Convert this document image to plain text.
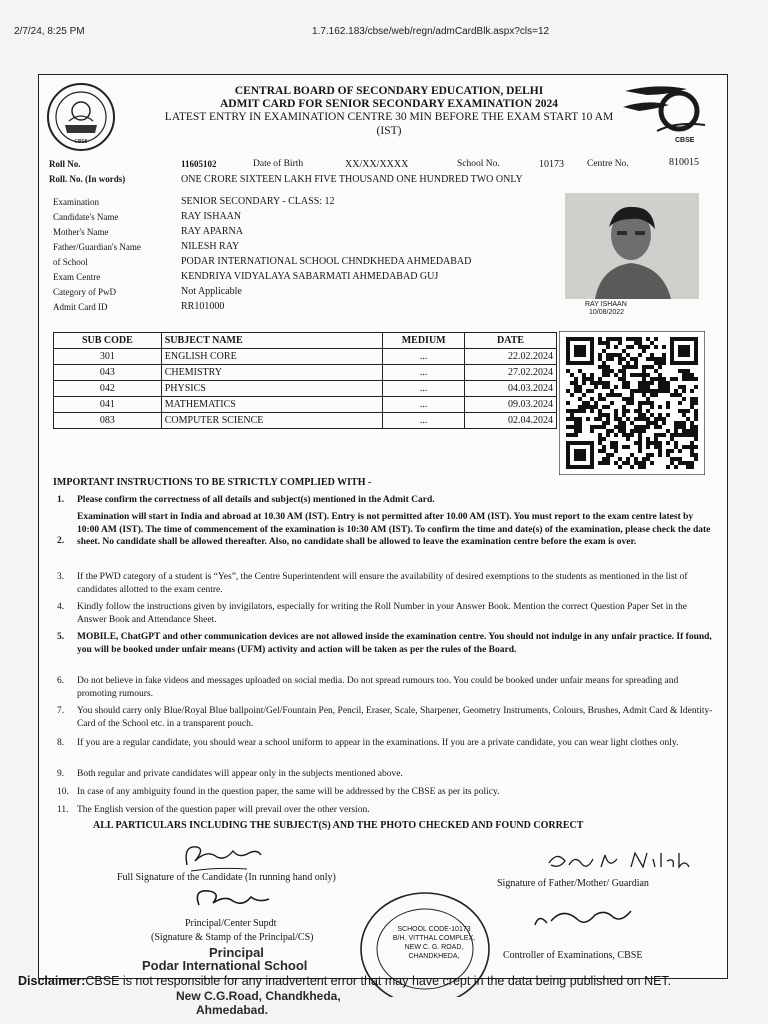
2/7/24, 8:25 PM	1.7.162.183/cbse/web/regn/admCardBlk.aspx?cls=12
CBSE
CENTRAL BOARD OF SECONDARY EDUCATION, DELHI
ADMIT CARD FOR SENIOR SECONDARY EXAMINATION 2024
LATEST ENTRY IN EXAMINATION CENTRE 30 MIN BEFORE THE EXAM START 10 AM
(IST)
CBSE
Roll No.	11605102	Date of Birth	XX/XX/XXXX	School No.	10173 Centre No.	810015
Roll. No. (In words)	ONE CRORE SIXTEEN LAKH FIVE THOUSAND ONE HUNDRED TWO ONLY
Examination	SENIOR SECONDARY - CLASS: 12
Candidate's Name	RAY ISHAAN
Mother's Name	RAY APARNA
Father/Guardian's Name	NILESH RAY
of School	PODAR INTERNATIONAL SCHOOL CHNDKHEDA AHMEDABAD
Exam Centre	KENDRIYA VIDYALAYA SABARMATI AHMEDABAD GUJ
Category of PwD	Not Applicable
Admit Card ID	RR101000	RAY ISHAAN
10/08/2022
SUB CODE	SUBJECT NAME	MEDIUM	DATE
301	ENGLISH CORE	...	22.02.2024
043	CHEMISTRY	...	27.02.2024
042	PHYSICS	...	04.03.2024
041	MATHEMATICS	...	09.03.2024
083	COMPUTER SCIENCE	...	02.04.2024
IMPORTANT INSTRUCTIONS TO BE STRICTLY COMPLIED WITH -
1. Please confirm the correctness of all details and subject(s) mentioned in the Admit Card.
2.
Examination will start in India and abroad at 10.30 AM (IST). Entry is not permitted after 10.00 AM (IST). You must report to the exam centre latest by 10:00 AM (IST). The time of commencement of the examination is 10:30 AM (IST). To confirm the time and date(s) of the examination, please check the date sheet. No candidate shall be allowed thereafter. Also, no candidate shall be allowed to leave the examination centre before the exam is over.
3. If the PWD category of a student is “Yes”, the Centre Superintendent will ensure the availability of desired exemptions to the students as mentioned in the list of candidates allotted to the exam centre.
4. Kindly follow the instructions given by invigilators, especially for writing the Roll Number in your Answer Book. Mention the correct Question Paper Set in the Answer Book and Attendance Sheet.
5. MOBILE, ChatGPT and other communication devices are not allowed inside the examination centre. You should not indulge in any unfair practice. If found, you will be booked under unfair means (UFM) activity and action will be taken as per the rules of the Board.
6. Do not believe in fake videos and messages uploaded on social media. Do not spread rumours too. You could be booked under unfair means for spreading and promoting rumours.
7. You should carry only Blue/Royal Blue ballpoint/Gel/Fountain Pen, Pencil, Eraser, Scale, Sharpener, Geometry Instruments, Colours, Brushes, Admit Card & Identity-Card of the School etc. in a transparent pouch.
8. If you are a regular candidate, you should wear a school uniform to appear in the examinations. If you are a private candidate, you can wear light clothes only.
9. Both regular and private candidates will appear only in the subjects mentioned above.
10. In case of any ambiguity found in the question paper, the same will be addressed by the CBSE as per its policy.
11. The English version of the question paper will prevail over the other version.
ALL PARTICULARS INCLUDING THE SUBJECT(S) AND THE PHOTO CHECKED AND FOUND CORRECT
Full Signature of the Candidate (In running hand only)
Signature of Father/Mother/ Guardian
Principal/Center Supdt
(Signature & Stamp of the Principal/CS)
Controller of Examinations, CBSE
SCHOOL CODE-10173
B/H. VITTHAL COMPLEX,
NEW C. G. ROAD,
CHANDKHEDA,
Principal
Podar International School
New C.G.Road, Chandkheda,
Ahmedabad.
Disclaimer:CBSE is not responsible for any inadvertent error that may have crept in the data being published on NET.
